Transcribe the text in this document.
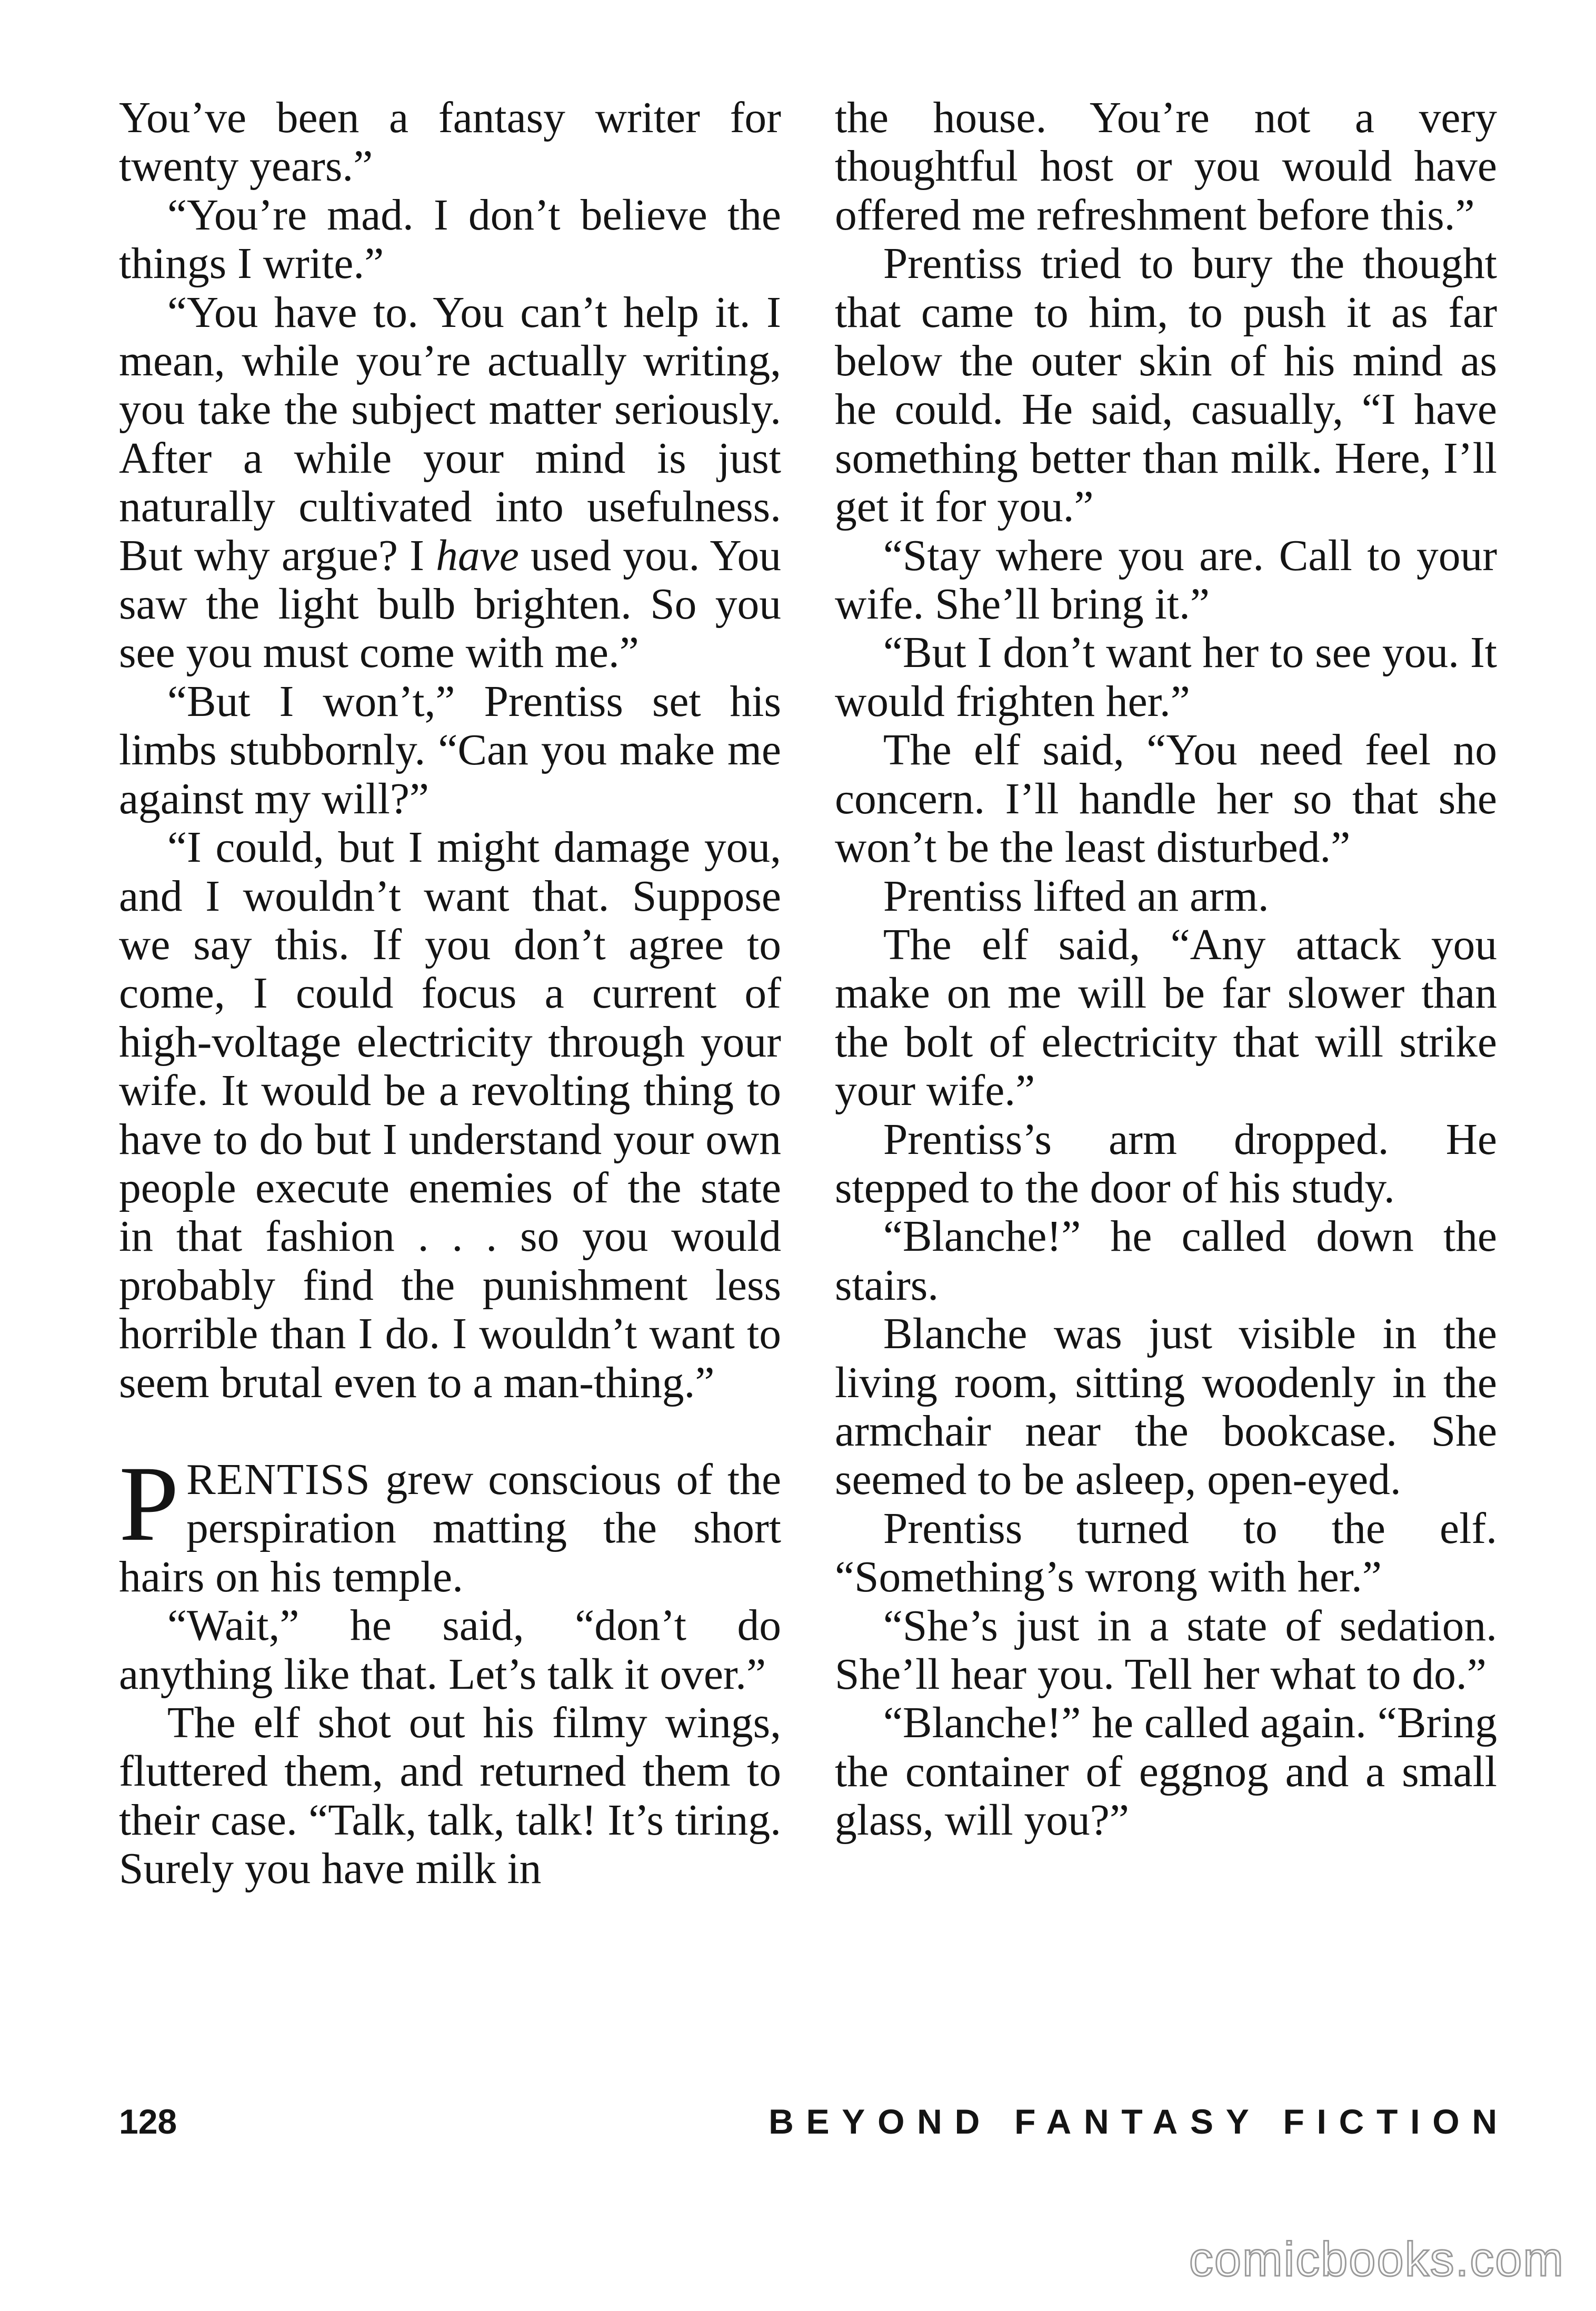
You’ve been a fantasy writer for twenty years.”

“You’re mad. I don’t believe the things I write.”

“You have to. You can’t help it. I mean, while you’re actually writing, you take the subject matter seriously. After a while your mind is just naturally cultivated into usefulness. But why argue? I have used you. You saw the light bulb brighten. So you see you must come with me.”

“But I won’t,” Prentiss set his limbs stubbornly. “Can you make me against my will?”

“I could, but I might damage you, and I wouldn’t want that. Suppose we say this. If you don’t agree to come, I could focus a current of high-voltage electricity through your wife. It would be a revolting thing to have to do but I understand your own people execute enemies of the state in that fashion . . . so you would probably find the punishment less horrible than I do. I wouldn’t want to seem brutal even to a man-thing.”

PRENTISS grew conscious of the perspiration matting the short hairs on his temple.

“Wait,” he said, “don’t do anything like that. Let’s talk it over.”

The elf shot out his filmy wings, fluttered them, and returned them to their case. “Talk, talk, talk! It’s tiring. Surely you have milk in

the house. You’re not a very thoughtful host or you would have offered me refreshment before this.”

Prentiss tried to bury the thought that came to him, to push it as far below the outer skin of his mind as he could. He said, casually, “I have something better than milk. Here, I’ll get it for you.”

“Stay where you are. Call to your wife. She’ll bring it.”

“But I don’t want her to see you. It would frighten her.”

The elf said, “You need feel no concern. I’ll handle her so that she won’t be the least disturbed.”

Prentiss lifted an arm.

The elf said, “Any attack you make on me will be far slower than the bolt of electricity that will strike your wife.”

Prentiss’s arm dropped. He stepped to the door of his study.

“Blanche!” he called down the stairs.

Blanche was just visible in the living room, sitting woodenly in the armchair near the bookcase. She seemed to be asleep, open-eyed.

Prentiss turned to the elf. “Something’s wrong with her.”

“She’s just in a state of sedation. She’ll hear you. Tell her what to do.”

“Blanche!” he called again. “Bring the container of eggnog and a small glass, will you?”

128	BEYOND FANTASY FICTION
comicbooks.com
